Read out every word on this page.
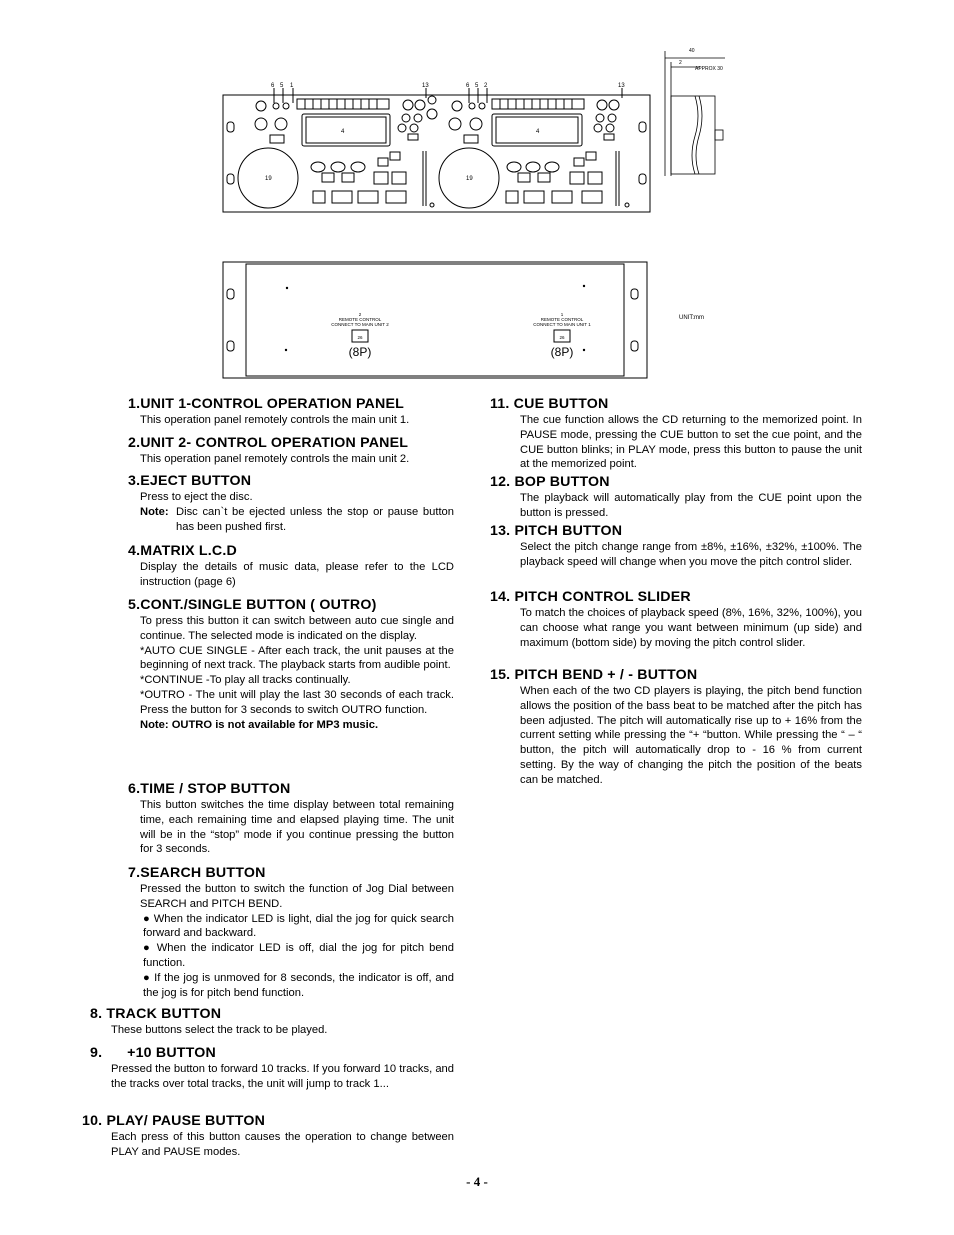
6 5 1	13	6 5 2	13
4	4
19	19
40
2
APPROX 30
2
REMOTE CONTROL
CONNECT TO MAIN UNIT 2
1
REMOTE CONTROL
CONNECT TO MAIN UNIT 1
26	26
(8P)	(8P)
UNIT:mm
1.UNIT 1-CONTROL OPERATION PANEL

This operation panel remotely controls the main unit 1.

2.UNIT 2- CONTROL OPERATION PANEL

This operation panel remotely controls the main unit 2.

3.EJECT BUTTON

Press to eject the disc.

Note: Disc can`t be ejected unless the stop or pause button has been pushed first.
4.MATRIX L.C.D

Display the details of music data, please refer to the LCD instruction (page 6)

5.CONT./SINGLE BUTTON ( OUTRO)

To press this button it can switch between auto cue single and continue. The selected mode is indicated on the display.

*AUTO CUE SINGLE - After each track, the unit pauses at the beginning of next track. The playback starts from audible point.

*CONTINUE -To play all tracks continually.

*OUTRO - The unit will play the last 30 seconds of each track. Press the button for 3 seconds to switch OUTRO function.

Note: OUTRO is not available for MP3 music.

6.TIME / STOP BUTTON

This button switches the time display between total remaining time, each remaining time and elapsed playing time. The unit will be in the “stop” mode if you continue pressing the button for 3 seconds.

7.SEARCH BUTTON

Pressed the button to switch the function of Jog Dial between SEARCH and PITCH BEND.

● When the indicator LED is light, dial the jog for quick search forward and backward.

● When the indicator LED is off, dial the jog for pitch bend function.

● If the jog is unmoved for 8 seconds, the indicator is off, and the jog is for pitch bend function.

8. TRACK BUTTON

These buttons select the track to be played.

9.      +10 BUTTON

Pressed the button to forward 10 tracks. If you forward 10 tracks, and the tracks over total tracks, the unit will jump to track 1...

10. PLAY/ PAUSE BUTTON

Each press of this button causes the operation to change between PLAY and PAUSE modes.

11. CUE BUTTON

The cue function allows the CD returning to the memorized point. In PAUSE mode, pressing the CUE button to set the cue point, and the CUE button blinks; in PLAY mode, press this button to pause the unit at the memorized point.

12. BOP BUTTON

The playback will automatically play from the CUE point upon the button is pressed.

13. PITCH BUTTON

Select the pitch change range from ±8%, ±16%, ±32%, ±100%. The playback speed will change when you move the pitch control slider.

14. PITCH CONTROL SLIDER

To match the choices of playback speed (8%, 16%, 32%, 100%), you can choose what range you want between minimum (up side) and maximum (bottom side) by moving the pitch control slider.

15. PITCH BEND + / - BUTTON

When each of the two CD players is playing, the pitch bend function allows the position of the bass beat to be matched after the pitch has been adjusted. The pitch will automatically rise up to + 16% from the current setting while pressing the “+ “button. While pressing the “ – “ button, the pitch will automatically drop to - 16 % from current setting. By the way of changing the pitch the position of the beats can be matched.

- 4 -
